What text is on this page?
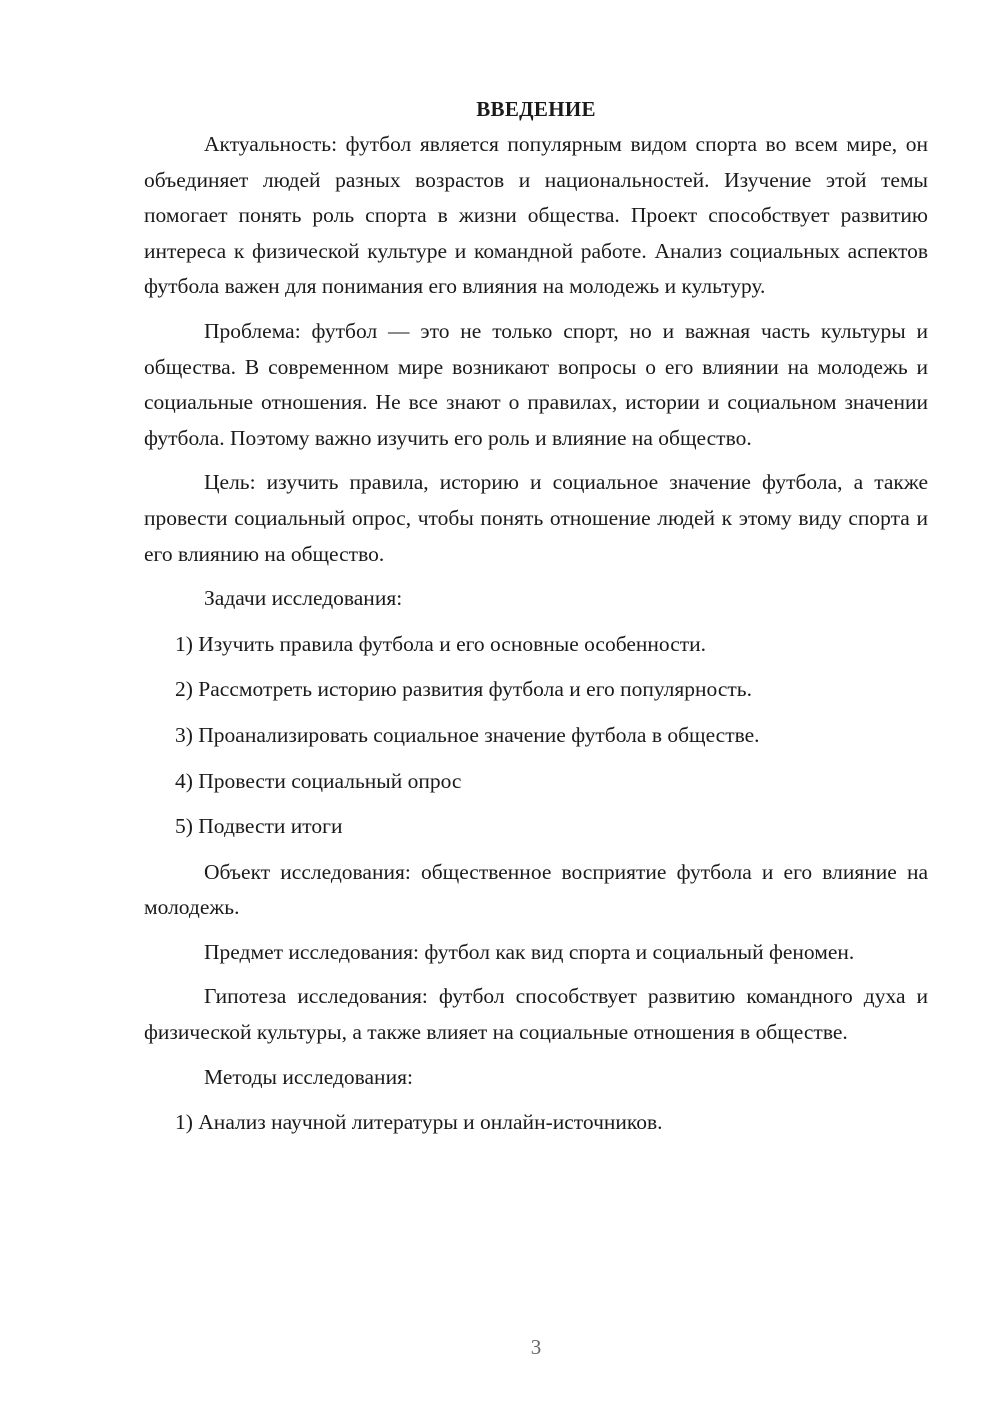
ВВЕДЕНИЕ

Актуальность: футбол является популярным видом спорта во всем мире, он объединяет людей разных возрастов и национальностей. Изучение этой темы помогает понять роль спорта в жизни общества. Проект способствует развитию интереса к физической культуре и командной работе. Анализ социальных аспектов футбола важен для понимания его влияния на молодежь и культуру.

Проблема: футбол — это не только спорт, но и важная часть культуры и общества. В современном мире возникают вопросы о его влиянии на молодежь и социальные отношения. Не все знают о правилах, истории и социальном значении футбола. Поэтому важно изучить его роль и влияние на общество.

Цель: изучить правила, историю и социальное значение футбола, а также провести социальный опрос, чтобы понять отношение людей к этому виду спорта и его влиянию на общество.

Задачи исследования:

1) Изучить правила футбола и его основные особенности.

2) Рассмотреть историю развития футбола и его популярность.

3) Проанализировать социальное значение футбола в обществе.

4) Провести социальный опрос

5) Подвести итоги

Объект исследования: общественное восприятие футбола и его влияние на молодежь.

Предмет исследования: футбол как вид спорта и социальный феномен.

Гипотеза исследования: футбол способствует развитию командного духа и физической культуры, а также влияет на социальные отношения в обществе.

Методы исследования:

1) Анализ научной литературы и онлайн-источников.

3
